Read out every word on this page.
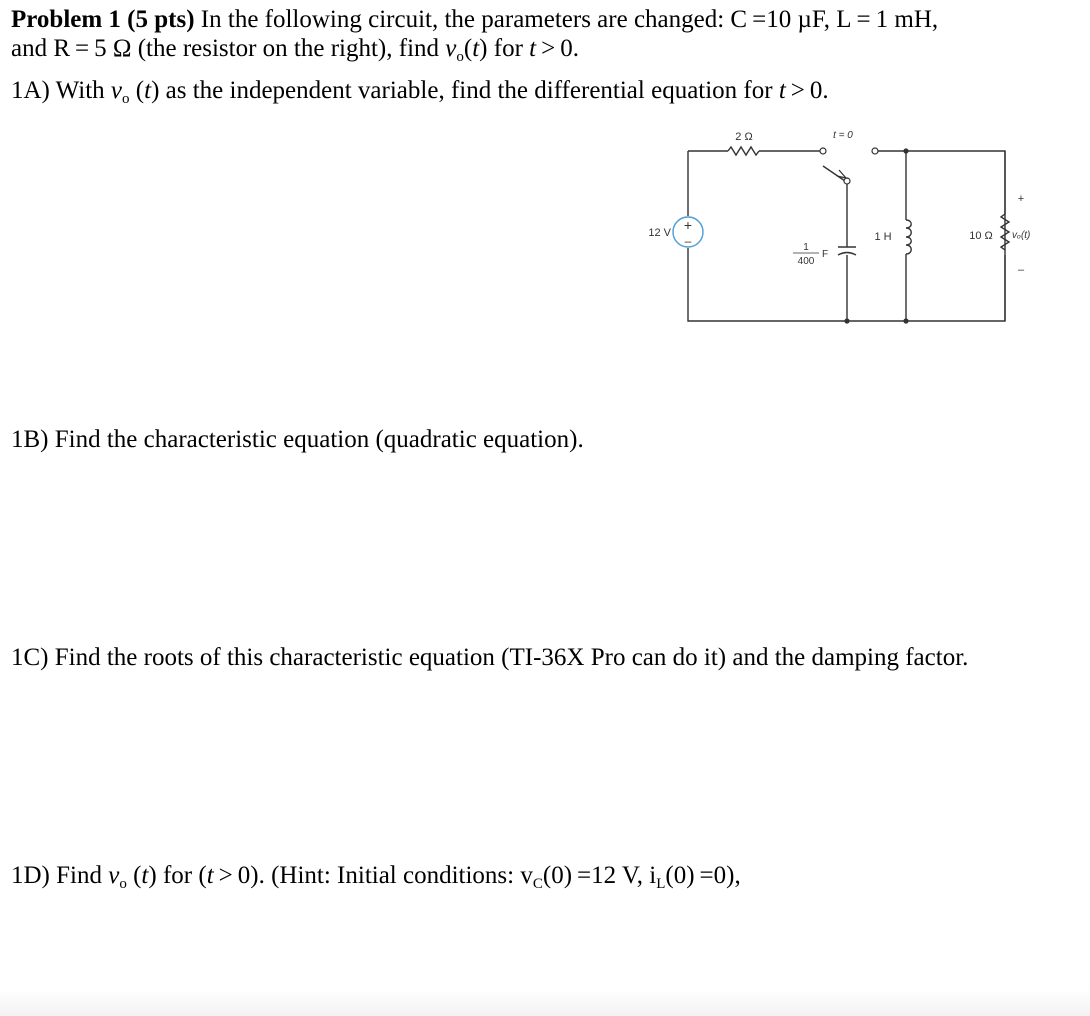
Problem 1 (5 pts) In the following circuit, the parameters are changed: C =10 µF, L = 1 mH,
and R = 5 Ω (the resistor on the right), find $v_o(t)$ for t > 0.

1A) With $v_o$ (t) as the independent variable, find the differential equation for t > 0.

+
–
2 Ω	t = 0
12 V
1
400
F
1 H	10 Ω
+
–
vₒ(t)

1B) Find the characteristic equation (quadratic equation).

1C) Find the roots of this characteristic equation (TI-36X Pro can do it) and the damping factor.

1D) Find $v_o$ (t) for (t > 0). (Hint: Initial conditions: $v_C(0) =12$ V, $i_L(0) =0$),
